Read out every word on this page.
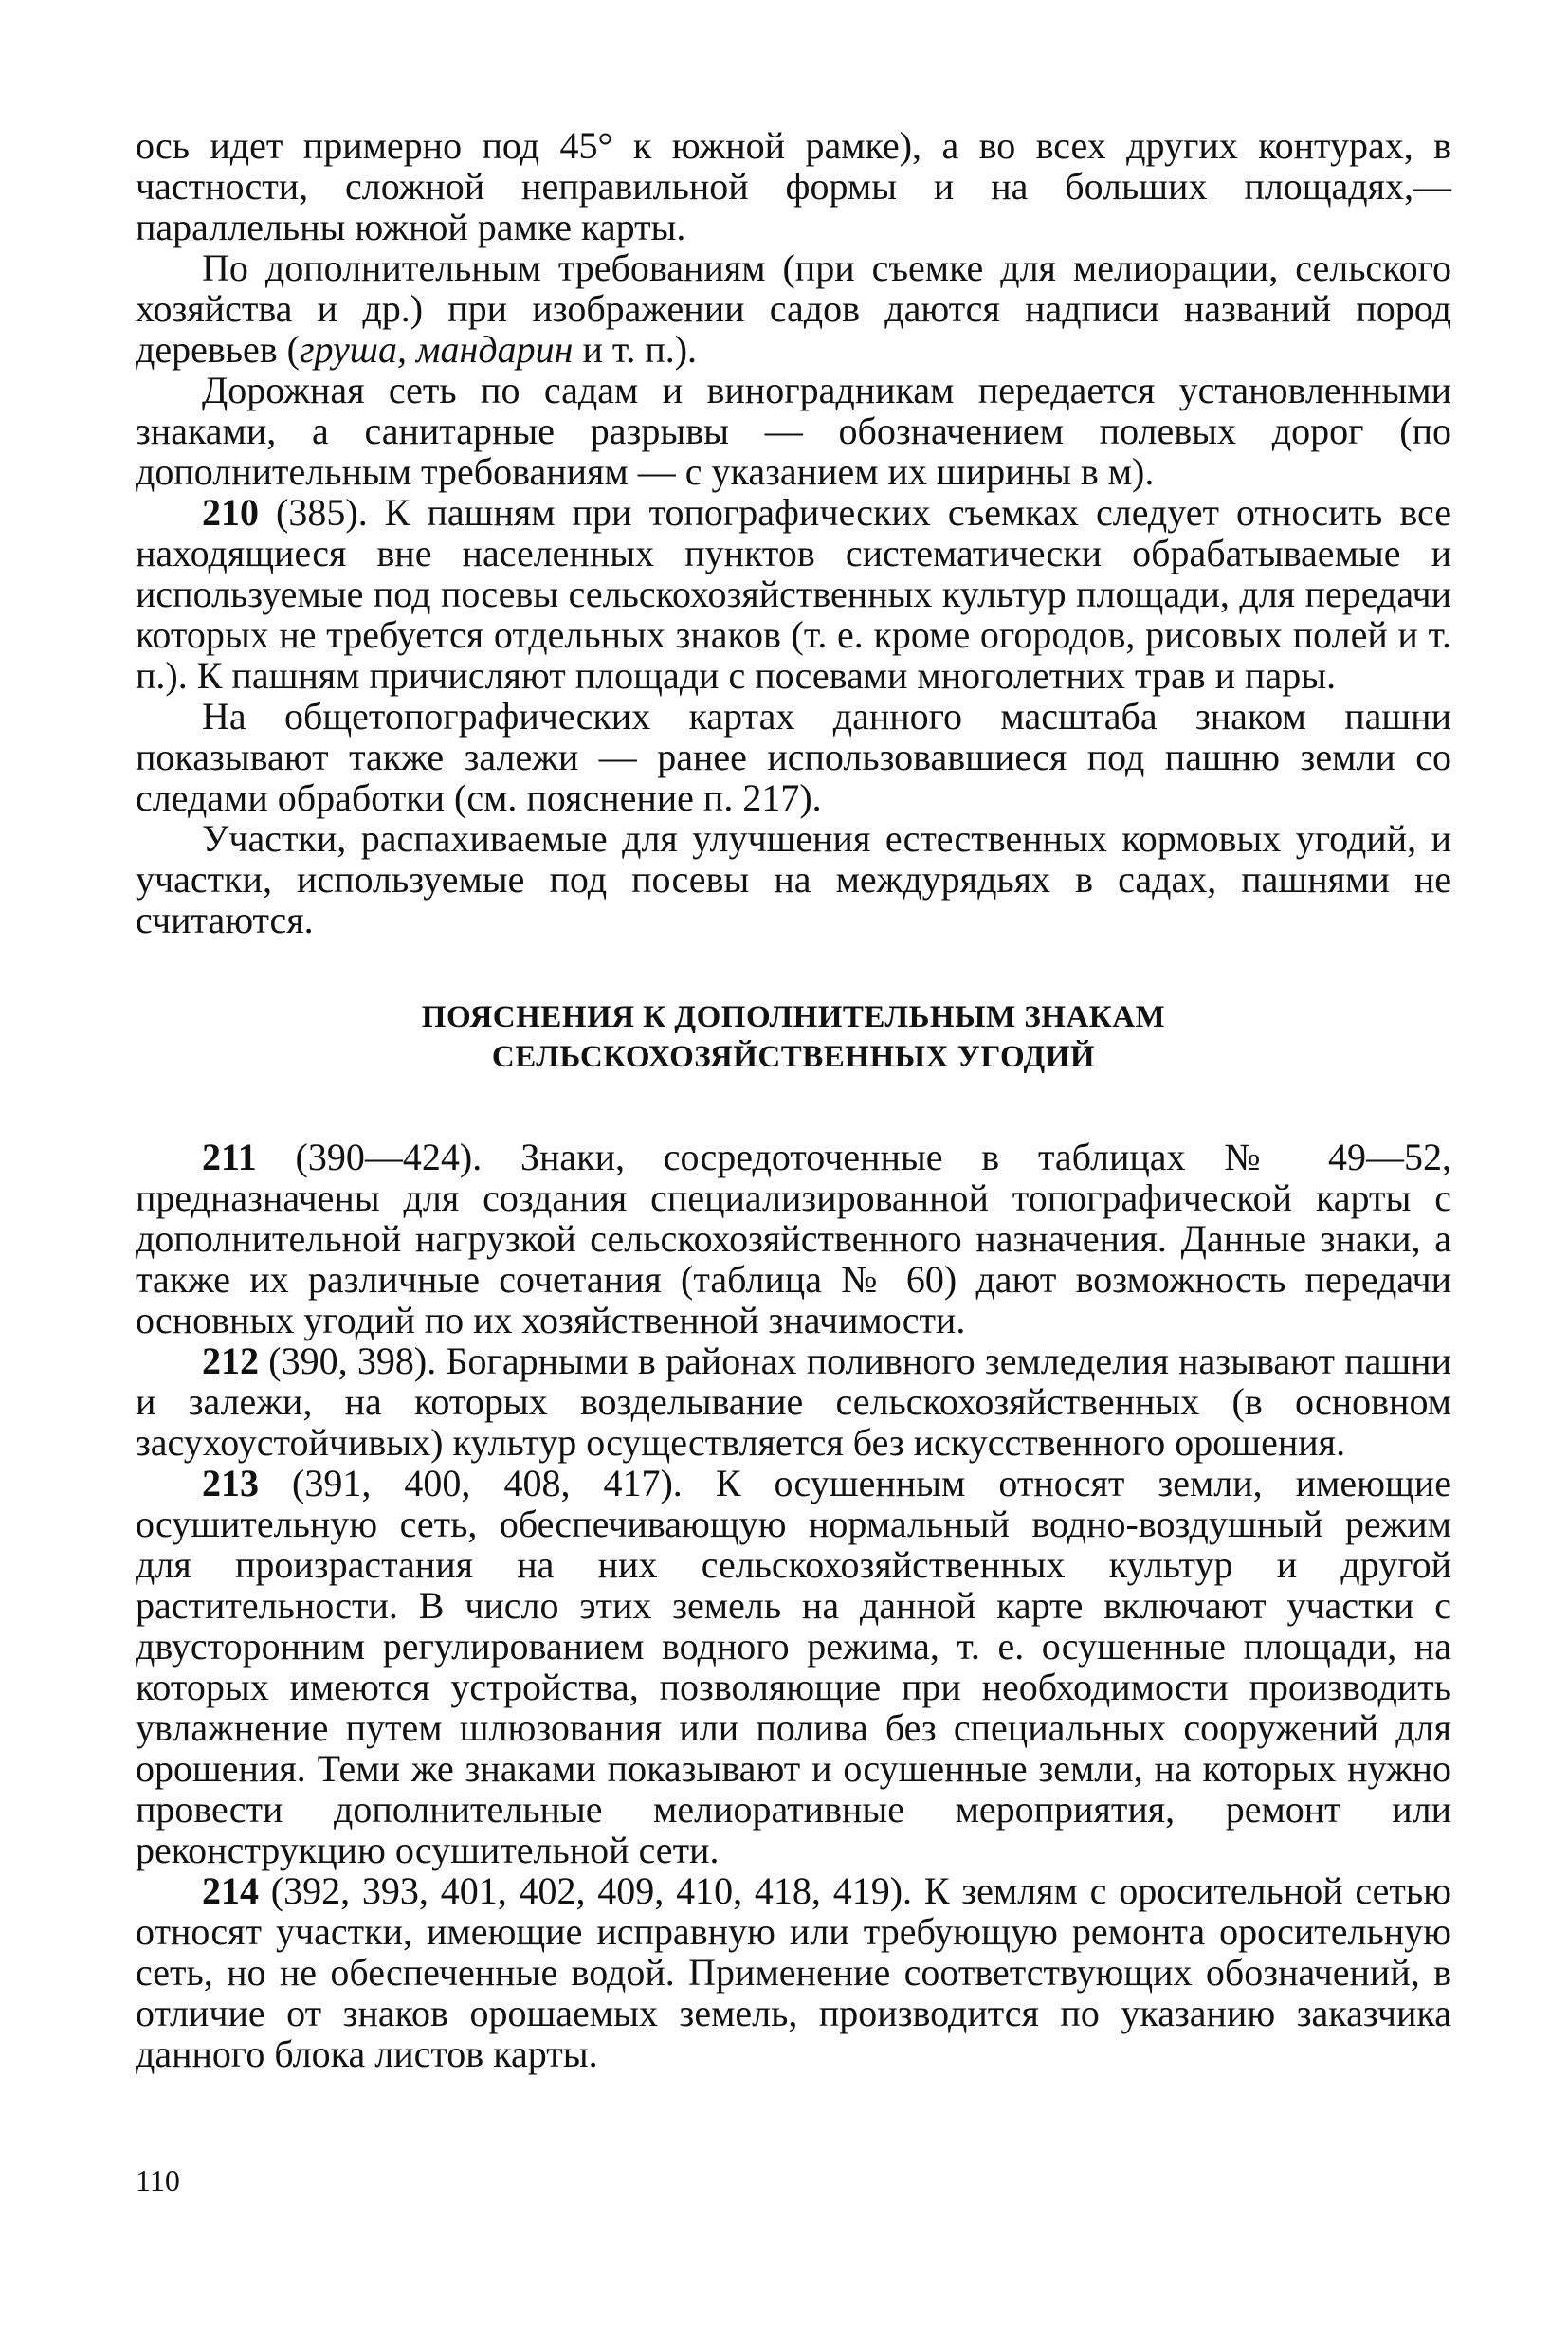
ось идет примерно под 45° к южной рамке), а во всех других контурах, в частности, сложной неправильной формы и на больших площадях,— параллельны южной рамке карты.

По дополнительным требованиям (при съемке для мелиорации, сельского хозяйства и др.) при изображении садов даются надписи названий пород деревьев (груша, мандарин и т. п.).

Дорожная сеть по садам и виноградникам передается установленными знаками, а санитарные разрывы — обозначением полевых дорог (по дополнительным требованиям — с указанием их ширины в м).

210 (385). К пашням при топографических съемках следует относить все находящиеся вне населенных пунктов систематически обрабатываемые и используемые под посевы сельскохозяйственных культур площади, для передачи которых не требуется отдельных знаков (т. е. кроме огородов, рисовых полей и т. п.). К пашням причисляют площади с посевами многолетних трав и пары.

На общетопографических картах данного масштаба знаком пашни показывают также залежи — ранее использовавшиеся под пашню земли со следами обработки (см. пояснение п. 217).

Участки, распахиваемые для улучшения естественных кормовых угодий, и участки, используемые под посевы на междурядьях в садах, пашнями не считаются.

ПОЯСНЕНИЯ К ДОПОЛНИТЕЛЬНЫМ ЗНАКАМ
СЕЛЬСКОХОЗЯЙСТВЕННЫХ УГОДИЙ

211 (390—424). Знаки, сосредоточенные в таблицах № 49—52, предназначены для создания специализированной топографической карты с дополнительной нагрузкой сельскохозяйственного назначения. Данные знаки, а также их различные сочетания (таблица № 60) дают возможность передачи основных угодий по их хозяйственной значимости.

212 (390, 398). Богарными в районах поливного земледелия называют пашни и залежи, на которых возделывание сельскохозяйственных (в основном засухоустойчивых) культур осуществляется без искусственного орошения.

213 (391, 400, 408, 417). К осушенным относят земли, имеющие осушительную сеть, обеспечивающую нормальный водно-воздушный режим для произрастания на них сельскохозяйственных культур и другой растительности. В число этих земель на данной карте включают участки с двусторонним регулированием водного режима, т. е. осушенные площади, на которых имеются устройства, позволяющие при необходимости производить увлажнение путем шлюзования или полива без специальных сооружений для орошения. Теми же знаками показывают и осушенные земли, на которых нужно провести дополнительные мелиоративные мероприятия, ремонт или реконструкцию осушительной сети.

214 (392, 393, 401, 402, 409, 410, 418, 419). К землям с оросительной сетью относят участки, имеющие исправную или требующую ремонта оросительную сеть, но не обеспеченные водой. Применение соответствующих обозначений, в отличие от знаков орошаемых земель, производится по указанию заказчика данного блока листов карты.

110
